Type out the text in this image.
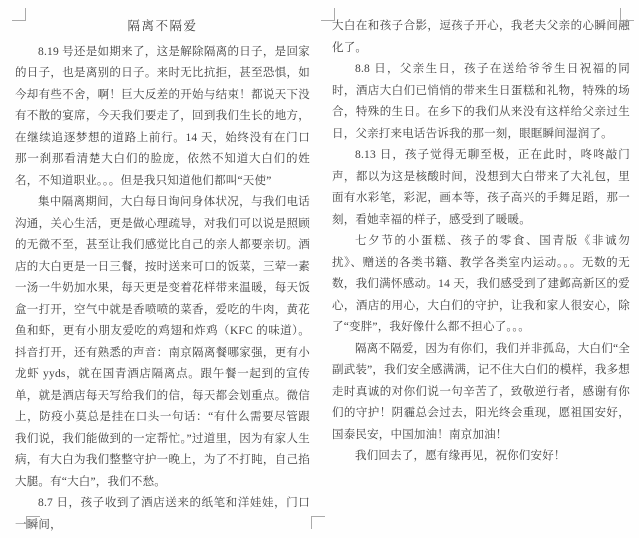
隔离不隔爱

8.19 号还是如期来了，这是解除隔离的日子，是回家的日子，也是离别的日子。来时无比抗拒，甚至恐惧，如今却有些不舍，啊！巨大反差的开始与结束！都说天下没有不散的宴席，今天我们要走了，回到我们生长的地方，在继续追逐梦想的道路上前行。14 天，始终没有在门口那一刹那看清楚大白们的脸庞，依然不知道大白们的姓名，不知道职业。。。但是我只知道他们都叫“天使”

集中隔离期间，大白每日询问身体状况，与我们电话沟通，关心生活，更是做心理疏导，对我们可以说是照顾的无微不至，甚至让我们感觉比自己的亲人都要亲切。酒店的大白更是一日三餐，按时送来可口的饭菜，三荤一素一汤一牛奶加水果，每天更是变着花样带来温暖，每天饭盒一打开，空气中就是香喷喷的菜香，爱吃的牛肉，黄花鱼和虾，更有小朋友爱吃的鸡翅和炸鸡（KFC 的味道）。抖音打开，还有熟悉的声音：南京隔离餐哪家强，更有小龙虾 yyds，就在国青酒店隔离点。跟午餐一起到的宣传单，就是酒店每天写给我们的信，每天都会划重点。微信上，防疫小莫总是挂在口头一句话：“有什么需要尽管跟我们说，我们能做到的一定帮忙。”过道里，因为有家人生病，有大白为我们整整守护一晚上，为了不打盹，自己掐大腿。有“大白”，我们不愁。

8.7 日，孩子收到了酒店送来的纸笔和洋娃娃，门口一瞬间，

大白在和孩子合影，逗孩子开心，我老夫父亲的心瞬间融化了。

8.8 日，父亲生日，孩子在送给爷爷生日祝福的同时，酒店大白们已悄悄的带来生日蛋糕和礼物，特殊的场合，特殊的生日。在乡下的我们从来没有这样给父亲过生日，父亲打来电话告诉我的那一刻，眼眶瞬间湿润了。

8.13 日，孩子觉得无聊至极，正在此时，咚咚敲门声，都以为这是核酸时间，没想到大白带来了大礼包，里面有水彩笔，彩泥，画本等，孩子高兴的手舞足蹈，那一刻，看她幸福的样子，感受到了暖暖。

七夕节的小蛋糕、孩子的零食、国青版《非诚勿扰》、赠送的各类书籍、教学各类室内运动。。。无数的无数，我们满怀感动。14 天，我们感受到了建邺高新区的爱心，酒店的用心，大白们的守护，让我和家人很安心，除了“变胖”，我好像什么都不担心了。。。

隔离不隔爱，因为有你们，我们并非孤岛，大白们“全副武装”，我们安全感满满，记不住大白们的模样，我多想走时真诚的对你们说一句辛苦了，致敬逆行者，感谢有你们的守护！阴霾总会过去，阳光终会重现，愿祖国安好，国泰民安，中国加油！南京加油！

我们回去了，愿有缘再见，祝你们安好！
